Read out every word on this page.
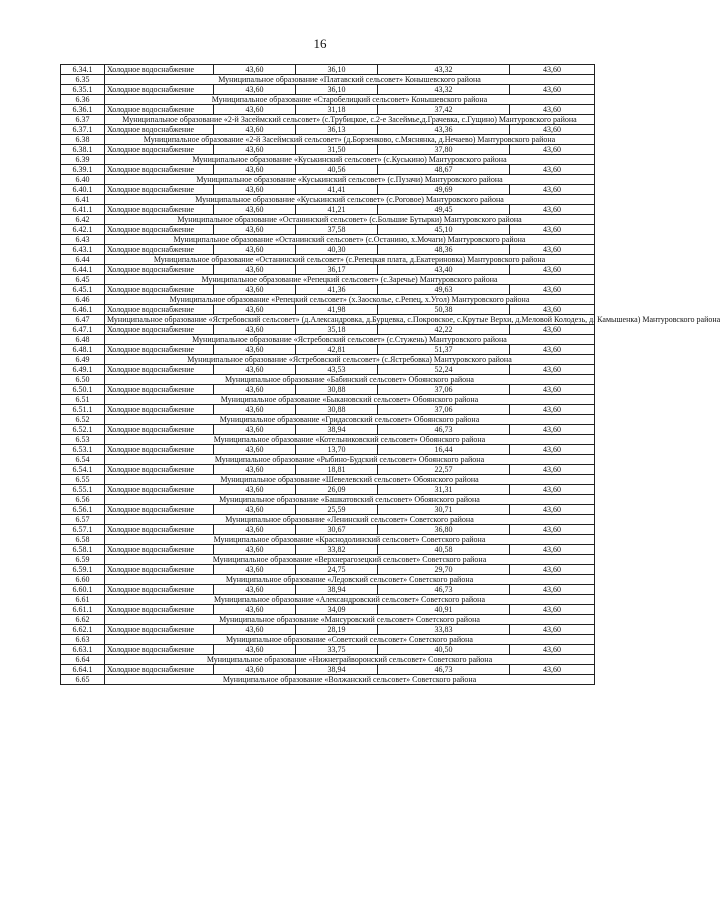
16
6.34.1	Холодное водоснабжение	43,60	36,10	43,32	43,60
6.35	Муниципальное образование «Платавский сельсовет» Конышевского района				
6.35.1	Холодное водоснабжение	43,60	36,10	43,32	43,60
6.36	Муниципальное образование «Старобелицкий сельсовет» Конышевского района				
6.36.1	Холодное водоснабжение	43,60	31,18	37,42	43,60
6.37	Муниципальное образование «2-й Засеймский сельсовет» (с.Трубицкое, с.2-е Засеймье,д.Грачевка, с.Гущино) Мантуровского района				
6.37.1	Холодное водоснабжение	43,60	36,13	43,36	43,60
6.38	Муниципальное образование «2-й Засеймский сельсовет» (д.Борзенково, с.Мяснянка, д.Нечаево) Мантуровского района				
6.38.1	Холодное водоснабжение	43,60	31,50	37,80	43,60
6.39	Муниципальное образование «Куськинский сельсовет» (с.Куськино) Мантуровского района				
6.39.1	Холодное водоснабжение	43,60	40,56	48,67	43,60
6.40	Муниципальное образование «Куськинский сельсовет» (с.Пузачи) Мантуровского района				
6.40.1	Холодное водоснабжение	43,60	41,41	49,69	43,60
6.41	Муниципальное образование «Куськинский сельсовет» (с.Роговое) Мантуровского района				
6.41.1	Холодное водоснабжение	43,60	41,21	49,45	43,60
6.42	Муниципальное образование «Останинский сельсовет» (с.Большие Бутырки) Мантуровского района				
6.42.1	Холодное водоснабжение	43,60	37,58	45,10	43,60
6.43	Муниципальное образование «Останинский сельсовет» (с.Останино, х.Мочаги) Мантуровского района				
6.43.1	Холодное водоснабжение	43,60	40,30	48,36	43,60
6.44	Муниципальное образование «Останинский сельсовет» (с.Репецкая плата, д.Екатериновка) Мантуровского района				
6.44.1	Холодное водоснабжение	43,60	36,17	43,40	43,60
6.45	Муниципальное образование «Репецкий сельсовет» (с.Заречье) Мантуровского района				
6.45.1	Холодное водоснабжение	43,60	41,36	49,63	43,60
6.46	Муниципальное образование «Репецкий сельсовет» (х.Заосколье, с.Репец, х.Угол) Мантуровского района				
6.46.1	Холодное водоснабжение	43,60	41,98	50,38	43,60
6.47	Муниципальное образование «Ястребовский сельсовет» (д.Александровка, д.Бурцевка, с.Покровское, с.Крутые Верхи, д.Меловой Колодезь, д. Камышенка) Мантуровского района				
6.47.1	Холодное водоснабжение	43,60	35,18	42,22	43,60
6.48	Муниципальное образование «Ястребовский сельсовет» (с.Стужень) Мантуровского района				
6.48.1	Холодное водоснабжение	43,60	42,81	51,37	43,60
6.49	Муниципальное образование «Ястребовский сельсовет» (с.Ястребовка) Мантуровского района				
6.49.1	Холодное водоснабжение	43,60	43,53	52,24	43,60
6.50	Муниципальное образование «Бабинский сельсовет» Обоянского района				
6.50.1	Холодное водоснабжение	43,60	30,88	37,06	43,60
6.51	Муниципальное образование «Быкановский сельсовет» Обоянского района				
6.51.1	Холодное водоснабжение	43,60	30,88	37,06	43,60
6.52	Муниципальное образование «Гридасовский сельсовет» Обоянского района				
6.52.1	Холодное водоснабжение	43,60	38,94	46,73	43,60
6.53	Муниципальное образование «Котельниковский сельсовет» Обоянского района				
6.53.1	Холодное водоснабжение	43,60	13,70	16,44	43,60
6.54	Муниципальное образование «Рыбино-Будский сельсовет» Обоянского района				
6.54.1	Холодное водоснабжение	43,60	18,81	22,57	43,60
6.55	Муниципальное образование «Шевелевский сельсовет» Обоянского района				
6.55.1	Холодное водоснабжение	43,60	26,09	31,31	43,60
6.56	Муниципальное образование «Башкатовский сельсовет» Обоянского района				
6.56.1	Холодное водоснабжение	43,60	25,59	30,71	43,60
6.57	Муниципальное образование «Ленинский сельсовет» Советского района				
6.57.1	Холодное водоснабжение	43,60	30,67	36,80	43,60
6.58	Муниципальное образование «Краснодолинский сельсовет» Советского района				
6.58.1	Холодное водоснабжение	43,60	33,82	40,58	43,60
6.59	Муниципальное образование «Верхнерагозецкий сельсовет» Советского района				
6.59.1	Холодное водоснабжение	43,60	24,75	29,70	43,60
6.60	Муниципальное образование «Ледовский сельсовет» Советского района				
6.60.1	Холодное водоснабжение	43,60	38,94	46,73	43,60
6.61	Муниципальное образование «Александровский сельсовет» Советского района				
6.61.1	Холодное водоснабжение	43,60	34,09	40,91	43,60
6.62	Муниципальное образование «Мансуровский сельсовет» Советского района				
6.62.1	Холодное водоснабжение	43,60	28,19	33,83	43,60
6.63	Муниципальное образование «Советский сельсовет» Советского района				
6.63.1	Холодное водоснабжение	43,60	33,75	40,50	43,60
6.64	Муниципальное образование «Нижнеграйворонский сельсовет» Советского района				
6.64.1	Холодное водоснабжение	43,60	38,94	46,73	43,60
6.65	Муниципальное образование «Волжанский сельсовет» Советского района				
